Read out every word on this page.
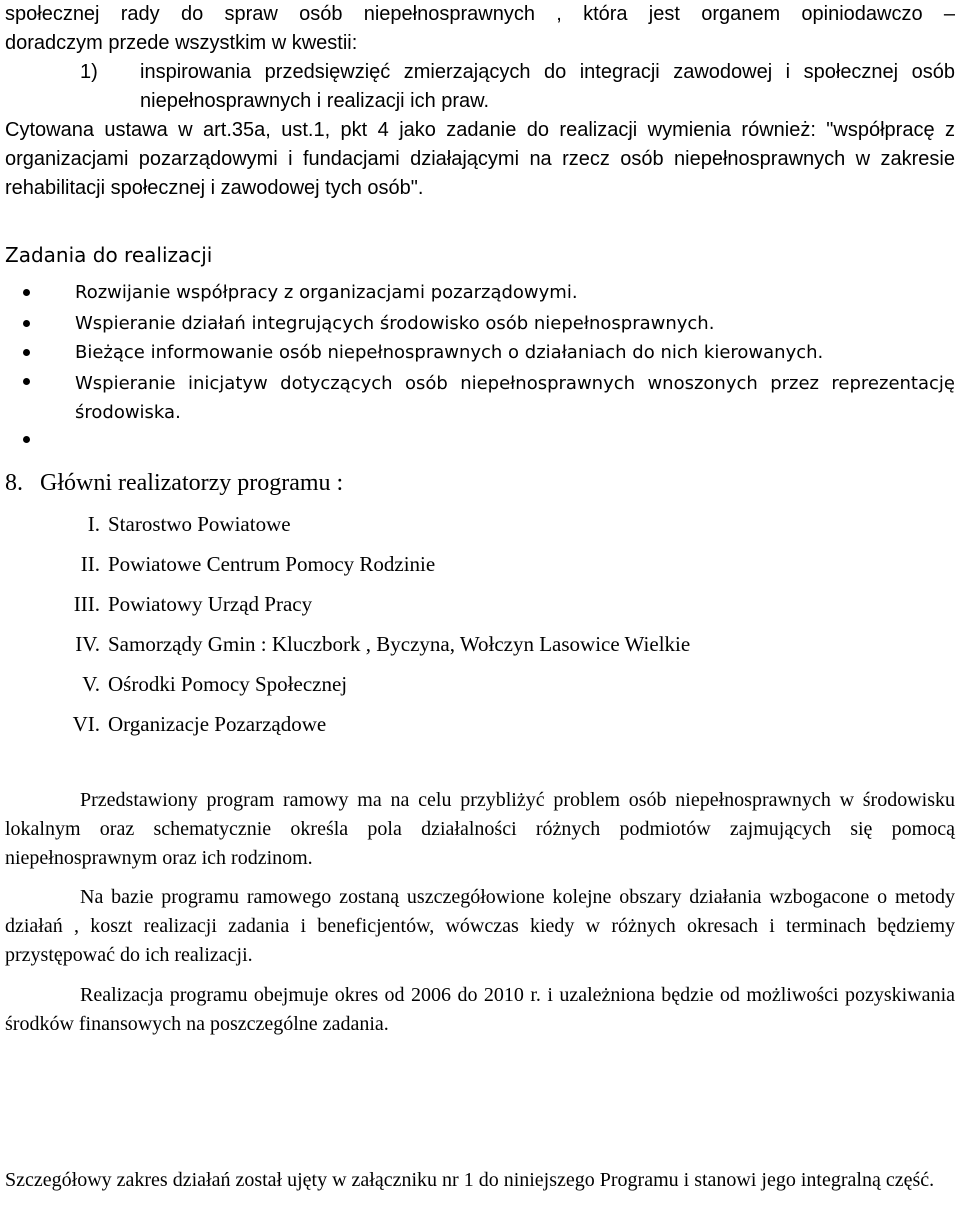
społecznej rady do spraw osób niepełnosprawnych , która jest organem opiniodawczo –
doradczym przede wszystkim w kwestii:
1)	inspirowania przedsięwzięć zmierzających do integracji zawodowej i społecznej osób niepełnosprawnych i realizacji ich praw.
Cytowana ustawa w art.35a, ust.1, pkt 4 jako zadanie do realizacji wymienia również: "współpracę z organizacjami pozarządowymi i fundacjami działającymi na rzecz osób niepełnosprawnych w zakresie rehabilitacji społecznej i zawodowej tych osób".
Zadania do realizacji
Rozwijanie współpracy z organizacjami pozarządowymi.
Wspieranie działań integrujących środowisko osób niepełnosprawnych.
Bieżące informowanie osób niepełnosprawnych o działaniach do nich kierowanych.
Wspieranie inicjatyw dotyczących osób niepełnosprawnych wnoszonych przez reprezentację środowiska.
8. Główni realizatorzy programu :
I. Starostwo Powiatowe
II. Powiatowe Centrum Pomocy Rodzinie
III. Powiatowy Urząd Pracy
IV. Samorządy Gmin : Kluczbork , Byczyna, Wołczyn Lasowice Wielkie
V. Ośrodki Pomocy Społecznej
VI. Organizacje Pozarządowe
Przedstawiony program ramowy ma na celu przybliżyć problem osób niepełnosprawnych w środowisku lokalnym oraz schematycznie określa pola działalności różnych podmiotów zajmujących się pomocą niepełnosprawnym oraz ich rodzinom.
Na bazie programu ramowego zostaną uszczegółowione kolejne obszary działania wzbogacone o metody działań , koszt realizacji zadania i beneficjentów, wówczas kiedy w różnych okresach i terminach będziemy przystępować do ich realizacji.
Realizacja programu obejmuje okres od 2006 do 2010 r. i uzależniona będzie od możliwości pozyskiwania środków finansowych na poszczególne zadania.
Szczegółowy zakres działań został ujęty w załączniku nr 1 do niniejszego Programu i stanowi jego integralną część.
